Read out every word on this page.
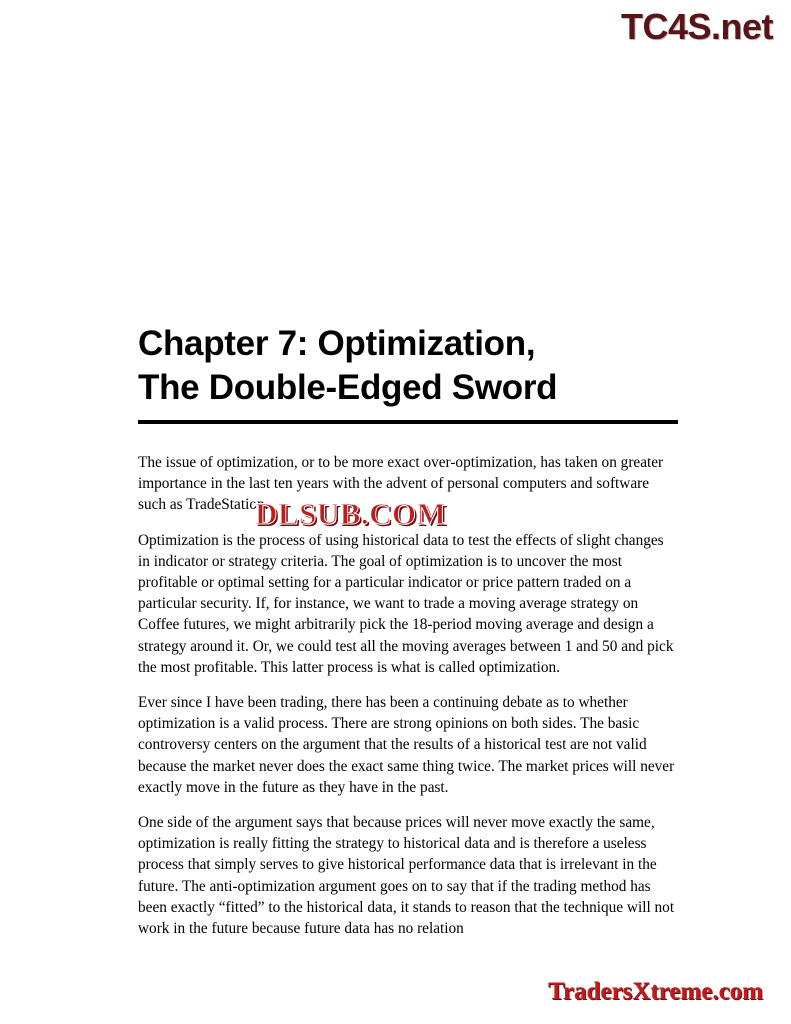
TC4S.net
Chapter 7: Optimization,
The Double-Edged Sword

The issue of optimization, or to be more exact over-optimization, has taken on greater importance in the last ten years with the advent of personal computers and software such as TradeStation.

Optimization is the process of using historical data to test the effects of slight changes in indicator or strategy criteria. The goal of optimization is to uncover the most profitable or optimal setting for a particular indicator or price pattern traded on a particular security. If, for instance, we want to trade a moving average strategy on Coffee futures, we might arbitrarily pick the 18-period moving average and design a strategy around it. Or, we could test all the moving averages between 1 and 50 and pick the most profitable. This latter process is what is called optimization.

Ever since I have been trading, there has been a continuing debate as to whether optimization is a valid process. There are strong opinions on both sides. The basic controversy centers on the argument that the results of a historical test are not valid because the market never does the exact same thing twice. The market prices will never exactly move in the future as they have in the past.

One side of the argument says that because prices will never move exactly the same, optimization is really fitting the strategy to historical data and is therefore a useless process that simply serves to give historical performance data that is irrelevant in the future. The anti-optimization argument goes on to say that if the trading method has been exactly “fitted” to the historical data, it stands to reason that the technique will not work in the future because future data has no relation

DLSUB.COM
TradersXtreme.com
